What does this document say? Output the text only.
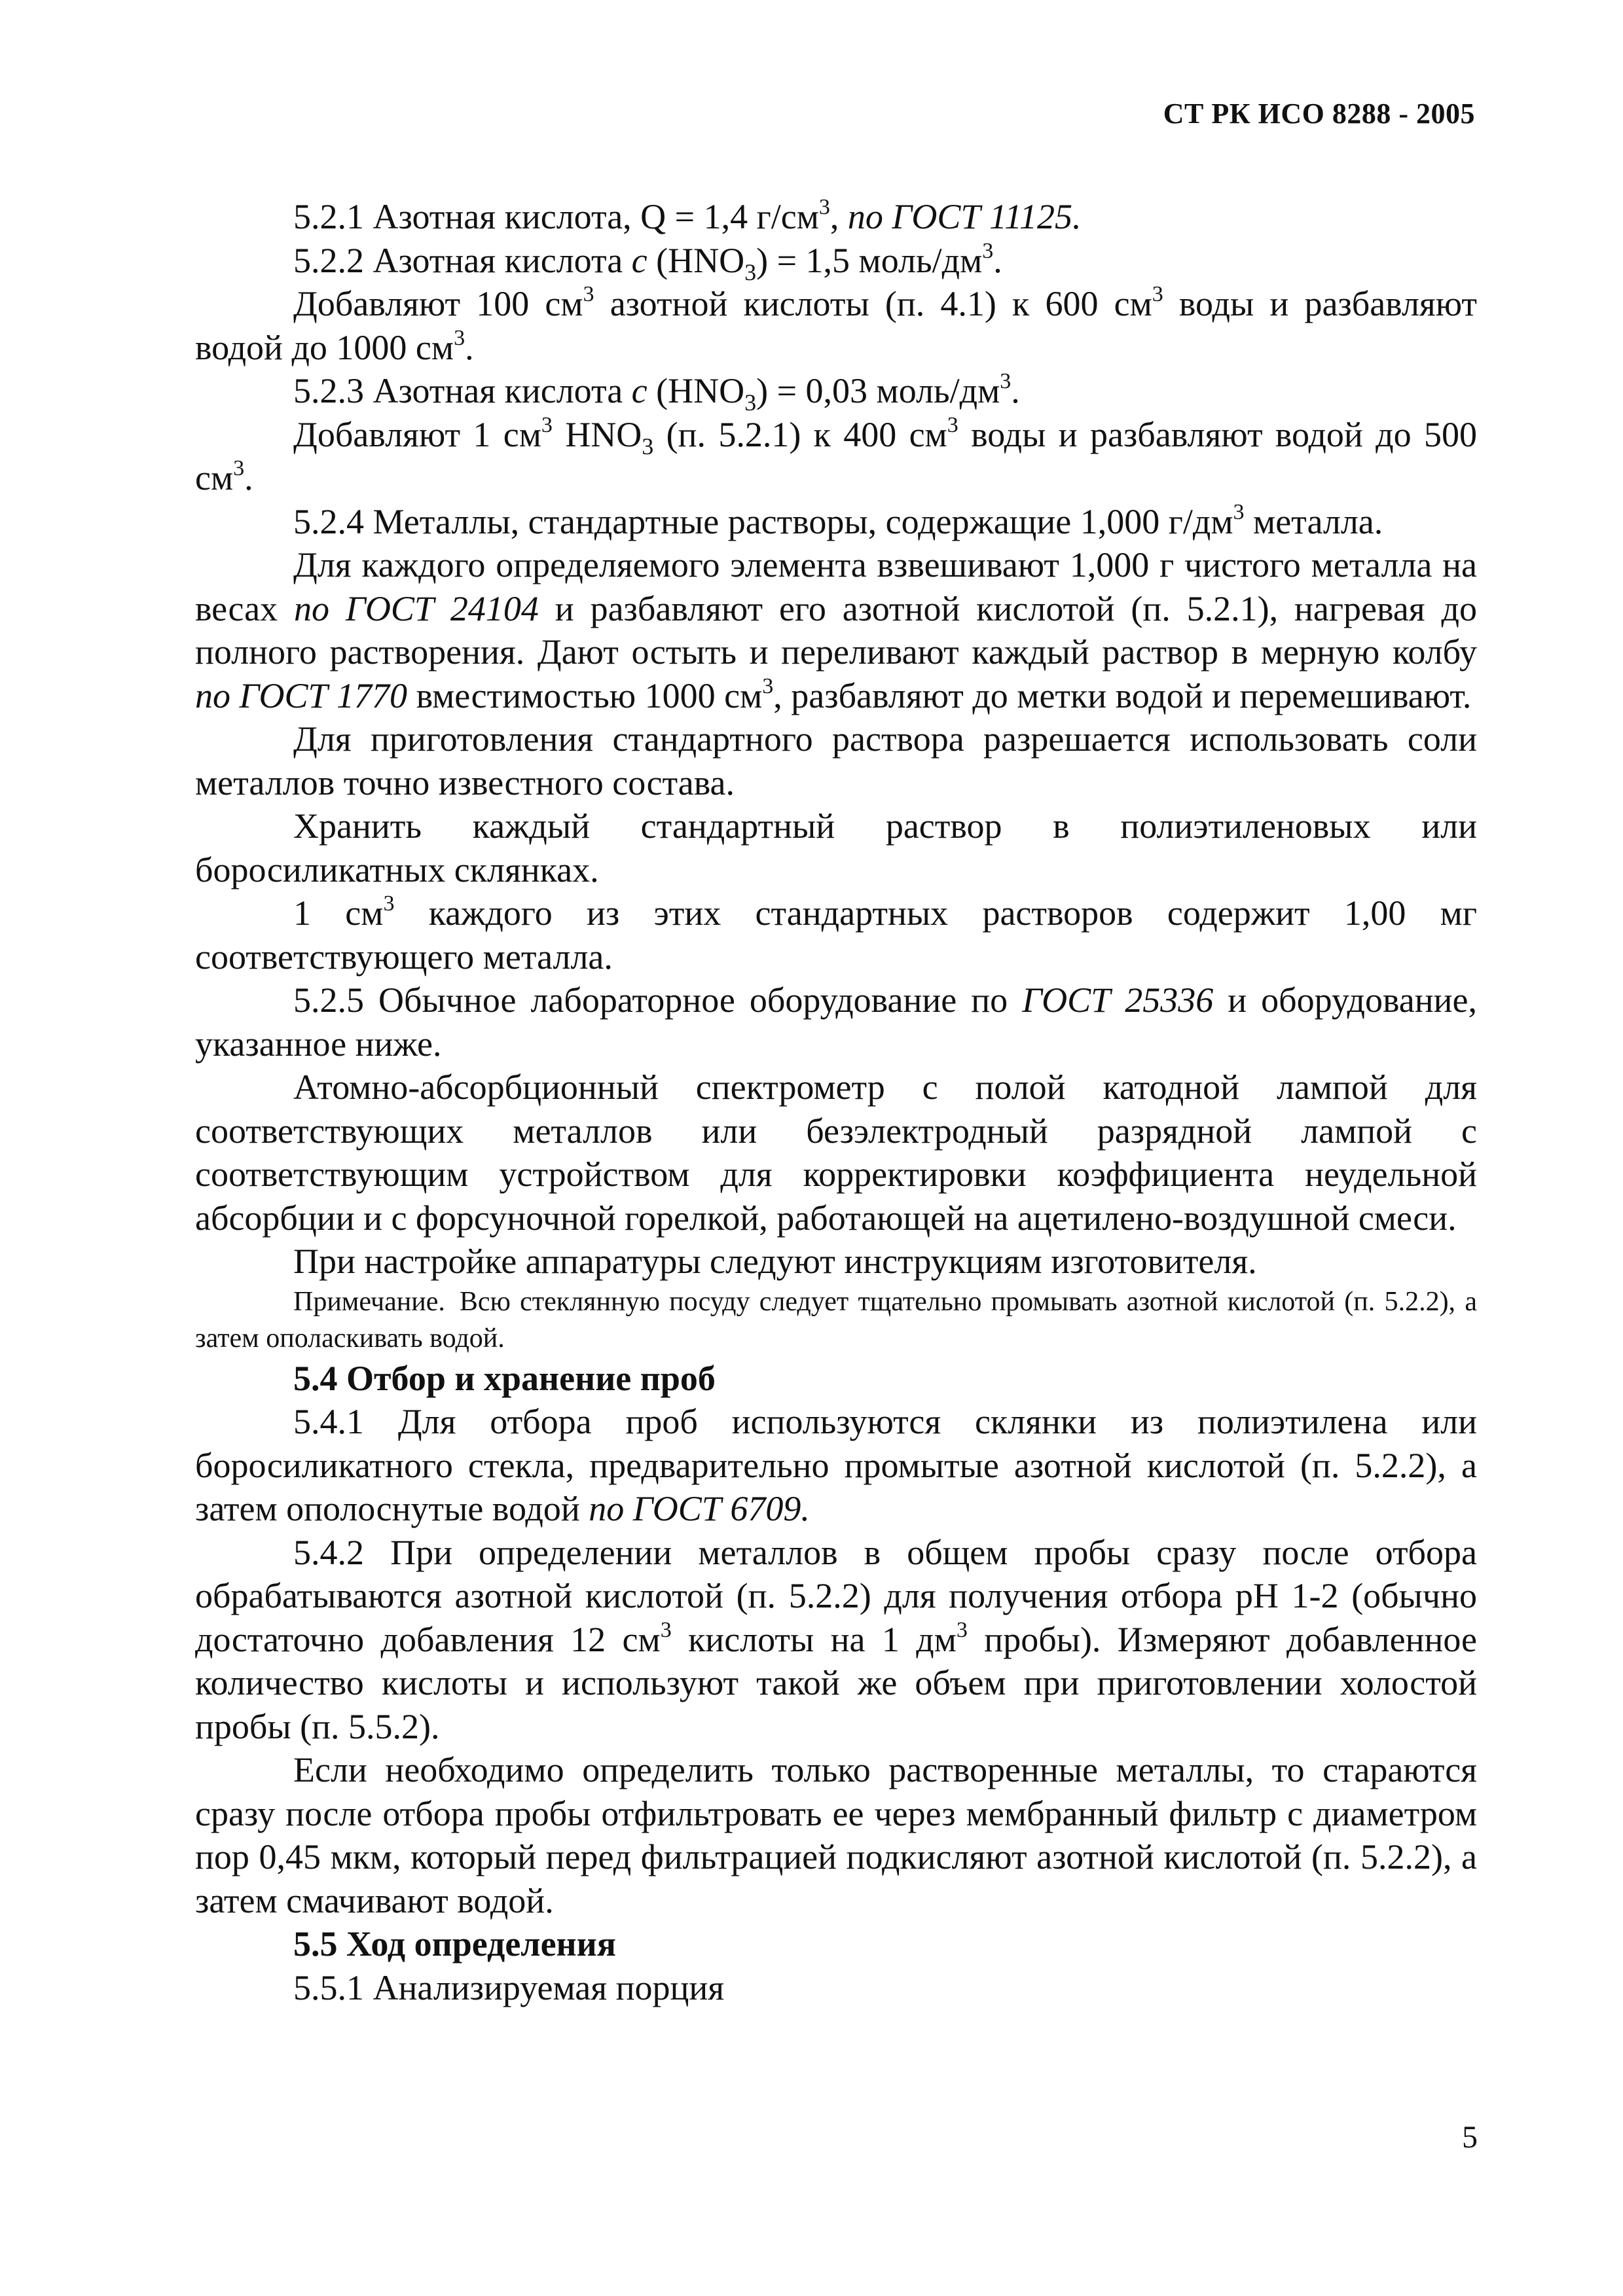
СТ РК ИСО 8288 - 2005

5.2.1 Азотная кислота, Q = 1,4 $г/см^3$, по ГОСТ 11125.

5.2.2 Азотная кислота c $(HNO_3) = 1,5$ моль/$дм^3$.

Добавляют 100 $см^3$ азотной кислоты (п. 4.1) к 600 $см^3$ воды и разбавляют водой до 1000 $см^3$.

5.2.3 Азотная кислота c $(HNO_3) = 0,03$ моль/$дм^3$.

Добавляют 1 $см^3$ $HNO_3$ (п. 5.2.1) к 400 $см^3$ воды и разбавляют водой до 500 $см^3$.

5.2.4 Металлы, стандартные растворы, содержащие 1,000 $г/дм^3$ металла.

Для каждого определяемого элемента взвешивают 1,000 г чистого металла на весах по ГОСТ 24104 и разбавляют его азотной кислотой (п. 5.2.1), нагревая до полного растворения. Дают остыть и переливают каждый раствор в мерную колбу по ГОСТ 1770 вместимостью 1000 $см^3$, разбавляют до метки водой и перемешивают.

Для приготовления стандартного раствора разрешается использовать соли металлов точно известного состава.

Хранить каждый стандартный раствор в полиэтиленовых или боросиликатных склянках.

1 $см^3$ каждого из этих стандартных растворов содержит 1,00 мг соответствующего металла.

5.2.5 Обычное лабораторное оборудование по ГОСТ 25336 и оборудование, указанное ниже.

Атомно-абсорбционный спектрометр с полой катодной лампой для соответствующих металлов или безэлектродный разрядной лампой с соответствующим устройством для корректировки коэффициента неудельной абсорбции и с форсуночной горелкой, работающей на ацетилено-воздушной смеси.

При настройке аппаратуры следуют инструкциям изготовителя.

Примечание. Всю стеклянную посуду следует тщательно промывать азотной кислотой (п. 5.2.2), а затем ополаскивать водой.

5.4 Отбор и хранение проб

5.4.1 Для отбора проб используются склянки из полиэтилена или боросиликатного стекла, предварительно промытые азотной кислотой (п. 5.2.2), а затем ополоснутые водой по ГОСТ 6709.

5.4.2 При определении металлов в общем пробы сразу после отбора обрабатываются азотной кислотой (п. 5.2.2) для получения отбора рН 1-2 (обычно достаточно добавления 12 $см^3$ кислоты на 1 $дм^3$ пробы). Измеряют добавленное количество кислоты и используют такой же объем при приготовлении холостой пробы (п. 5.5.2).

Если необходимо определить только растворенные металлы, то стараются сразу после отбора пробы отфильтровать ее через мембранный фильтр с диаметром пор 0,45 мкм, который перед фильтрацией подкисляют азотной кислотой (п. 5.2.2), а затем смачивают водой.

5.5 Ход определения

5.5.1 Анализируемая порция

5
